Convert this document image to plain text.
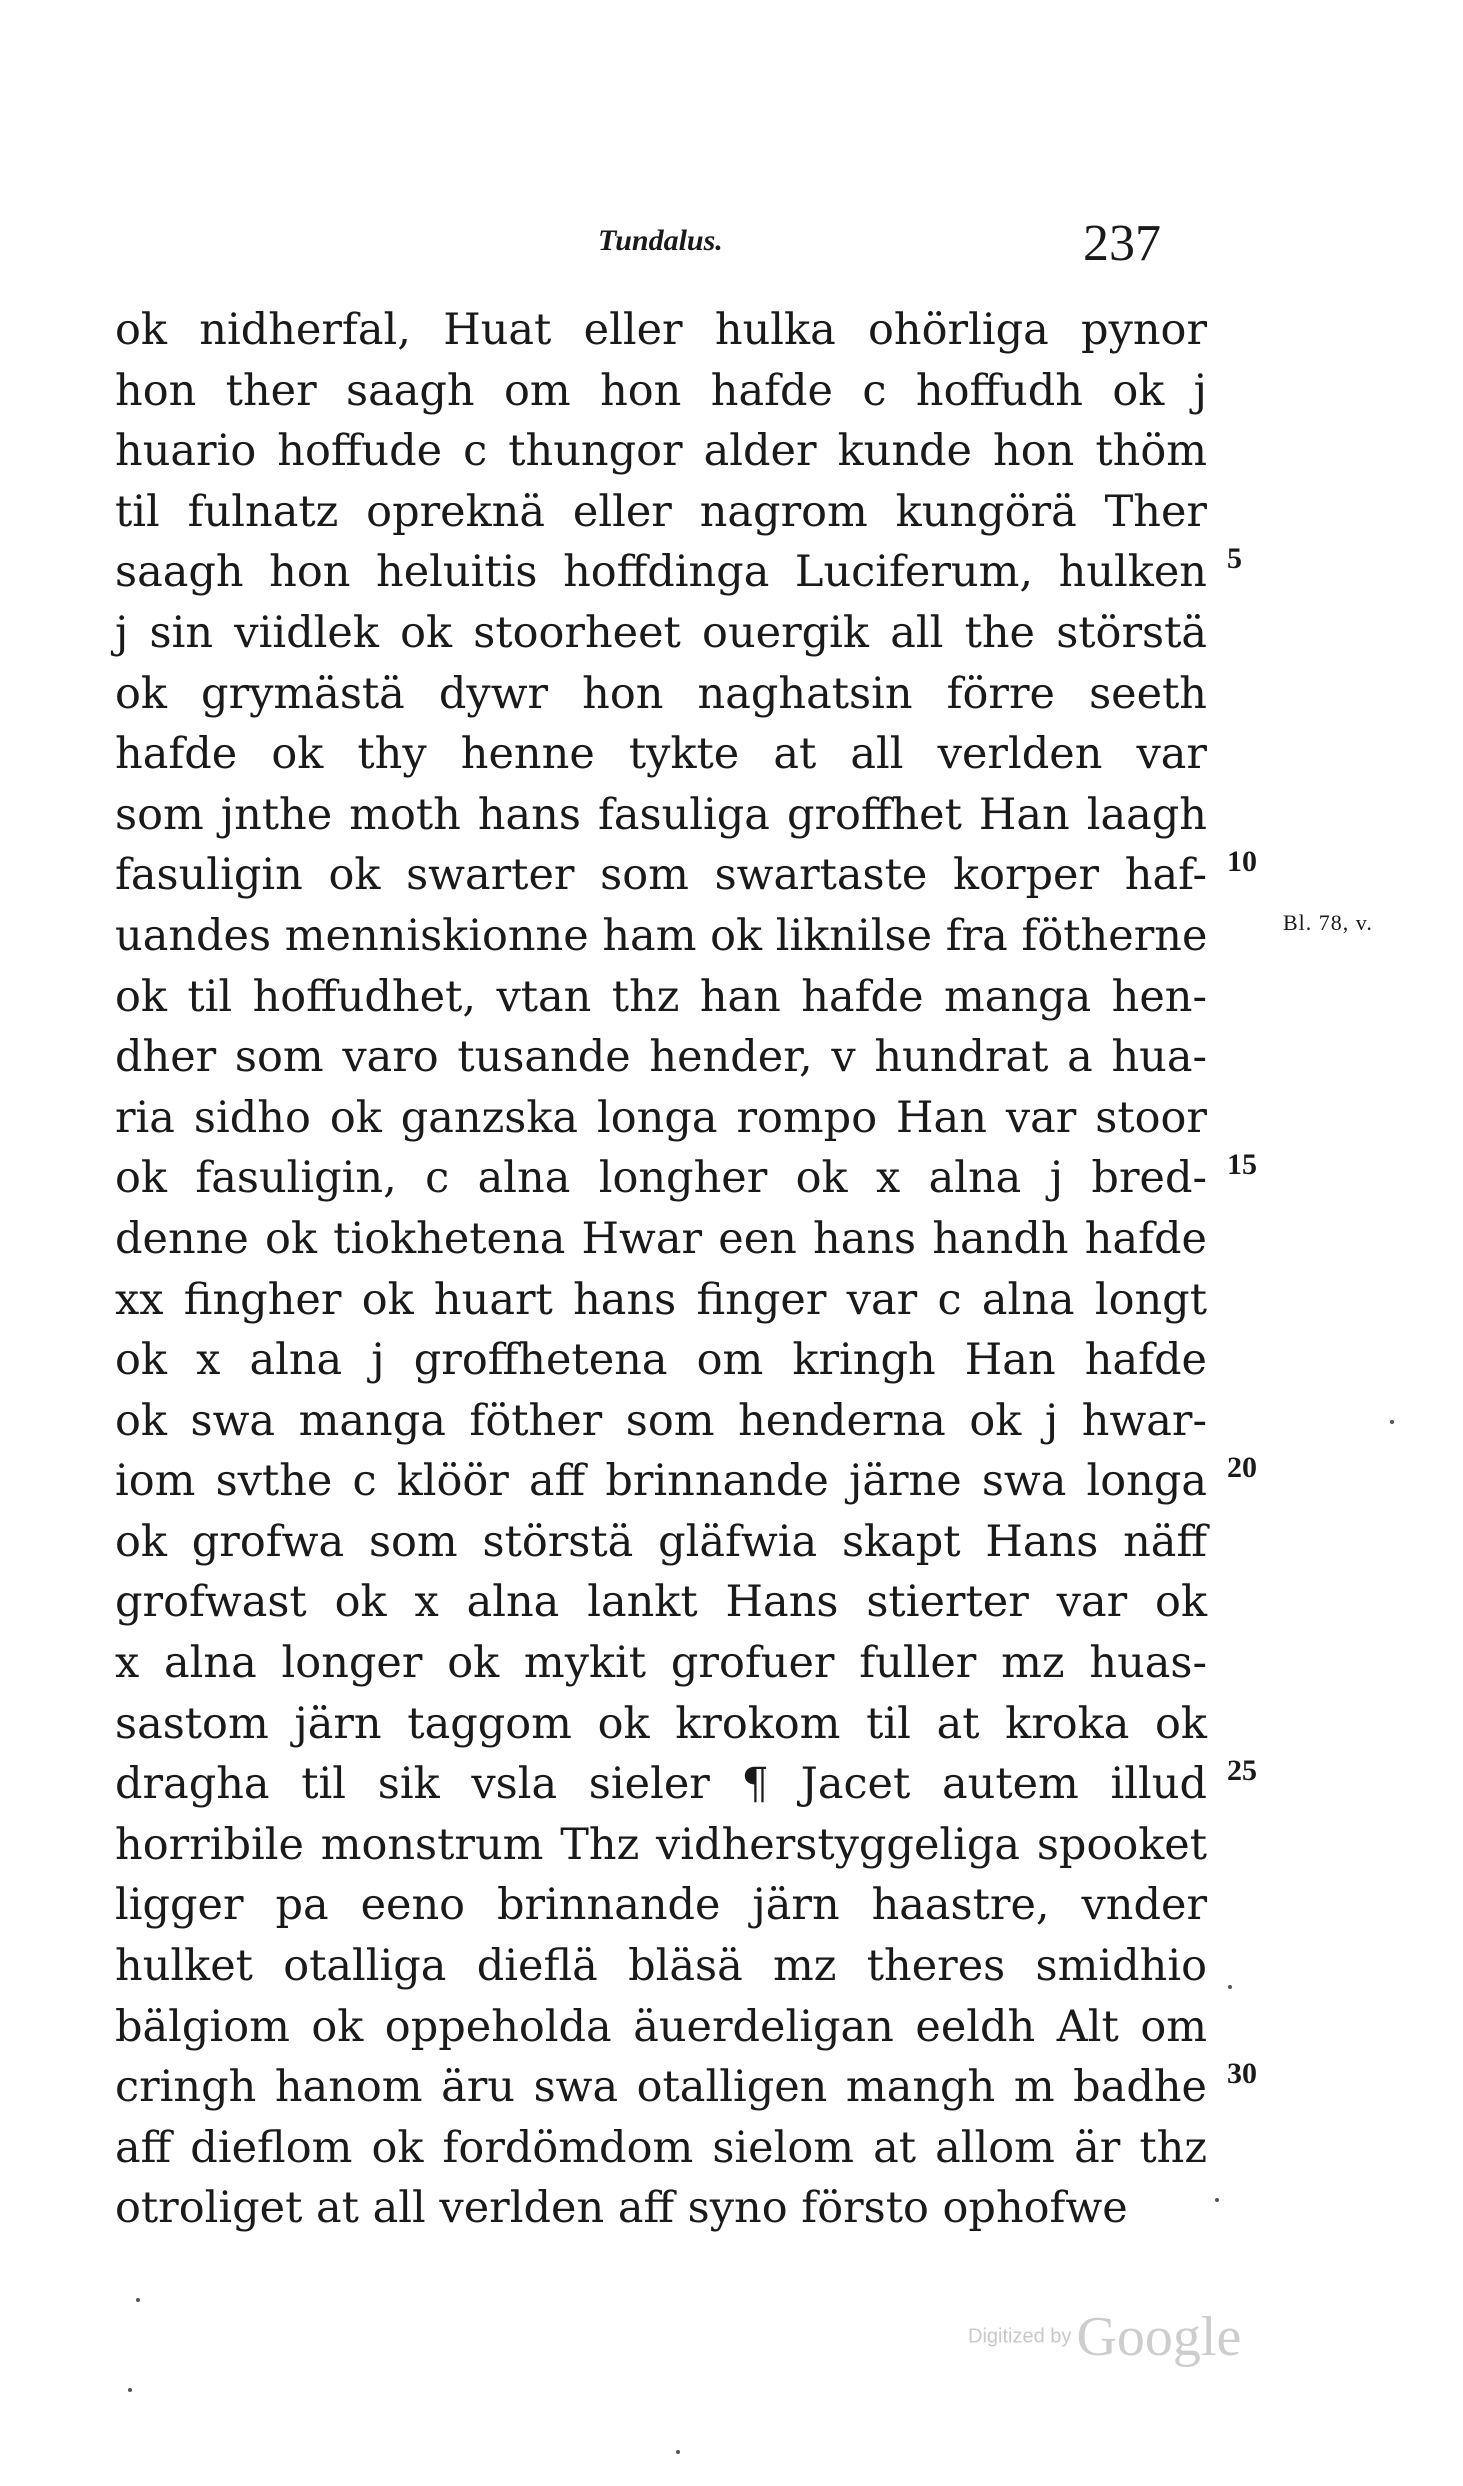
Tundalus.	237
ok nidherfal, Huat eller hulka ohörliga pynor
hon ther saagh om hon hafde c hoffudh ok j
huario hoffude c thungor alder kunde hon thöm
til fulnatz opreknä eller nagrom kungörä Ther
saagh hon heluitis hoffdinga Luciferum, hulken 5
j sin viidlek ok stoorheet ouergik all the störstä
ok grymästä dywr hon naghatsin förre seeth
hafde ok thy henne tykte at all verlden var
som jnthe moth hans fasuliga groffhet Han laagh
fasuligin ok swarter som swartaste korper haf- 10
uandes menniskionne ham ok liknilse fra fötherne
ok til hoffudhet, vtan thz han hafde manga hen-
dher som varo tusande hender, v hundrat a hua-
ria sidho ok ganzska longa rompo Han var stoor
ok fasuligin, c alna longher ok x alna j bred- 15
denne ok tiokhetena Hwar een hans handh hafde
xx fingher ok huart hans finger var c alna longt
ok x alna j groffhetena om kringh Han hafde
ok swa manga föther som henderna ok j hwar-
iom svthe c klöör aff brinnande järne swa longa 20
ok grofwa som störstä gläfwia skapt Hans näff
grofwast ok x alna lankt Hans stierter var ok
x alna longer ok mykit grofuer fuller mz huas-
sastom järn taggom ok krokom til at kroka ok
dragha til sik vsla sieler ¶ Jacet autem illud 25
horribile monstrum Thz vidherstyggeliga spooket
ligger pa eeno brinnande järn haastre, vnder
hulket otalliga dieflä bläsä mz theres smidhio
bälgiom ok oppeholda äuerdeligan eeldh Alt om
cringh hanom äru swa otalligen mangh m badhe 30
aff dieflom ok fordömdom sielom at allom är thz
otroliget at all verlden aff syno försto ophofwe
Bl. 78, v.
Digitized by Google
